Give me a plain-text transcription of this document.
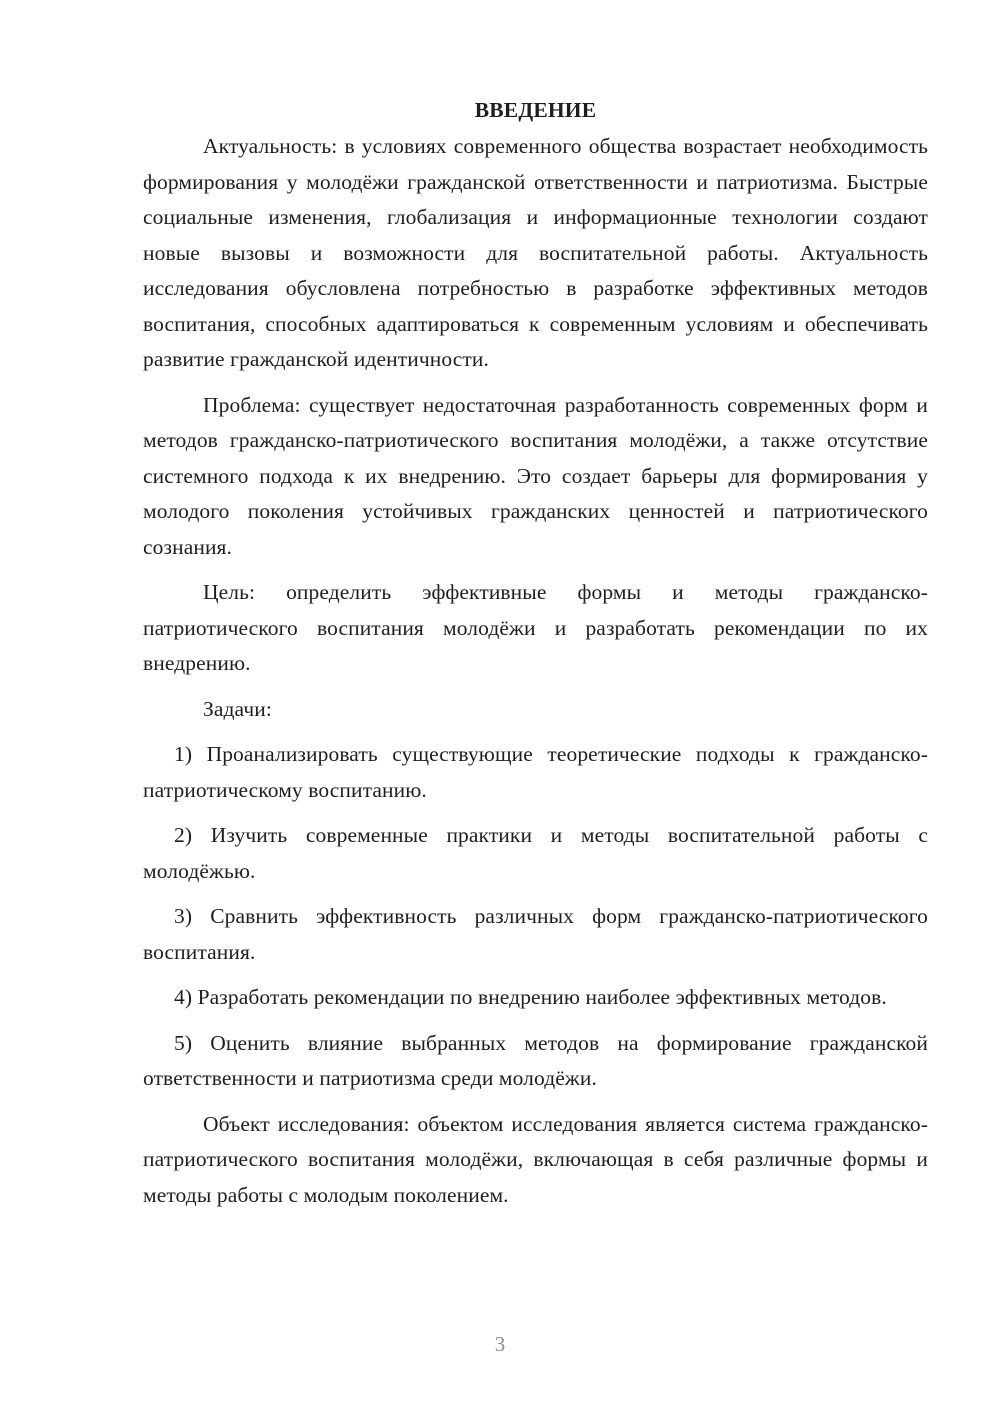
ВВЕДЕНИЕ

Актуальность: в условиях современного общества возрастает необходимость формирования у молодёжи гражданской ответственности и патриотизма. Быстрые социальные изменения, глобализация и информационные технологии создают новые вызовы и возможности для воспитательной работы. Актуальность исследования обусловлена потребностью в разработке эффективных методов воспитания, способных адаптироваться к современным условиям и обеспечивать развитие гражданской идентичности.

Проблема: существует недостаточная разработанность современных форм и методов гражданско-патриотического воспитания молодёжи, а также отсутствие системного подхода к их внедрению. Это создает барьеры для формирования у молодого поколения устойчивых гражданских ценностей и патриотического сознания.

Цель: определить эффективные формы и методы гражданско-патриотического воспитания молодёжи и разработать рекомендации по их внедрению.

Задачи:

1) Проанализировать существующие теоретические подходы к гражданско-патриотическому воспитанию.

2) Изучить современные практики и методы воспитательной работы с молодёжью.

3) Сравнить эффективность различных форм гражданско-патриотического воспитания.

4) Разработать рекомендации по внедрению наиболее эффективных методов.

5) Оценить влияние выбранных методов на формирование гражданской ответственности и патриотизма среди молодёжи.

Объект исследования: объектом исследования является система гражданско-патриотического воспитания молодёжи, включающая в себя различные формы и методы работы с молодым поколением.

3
